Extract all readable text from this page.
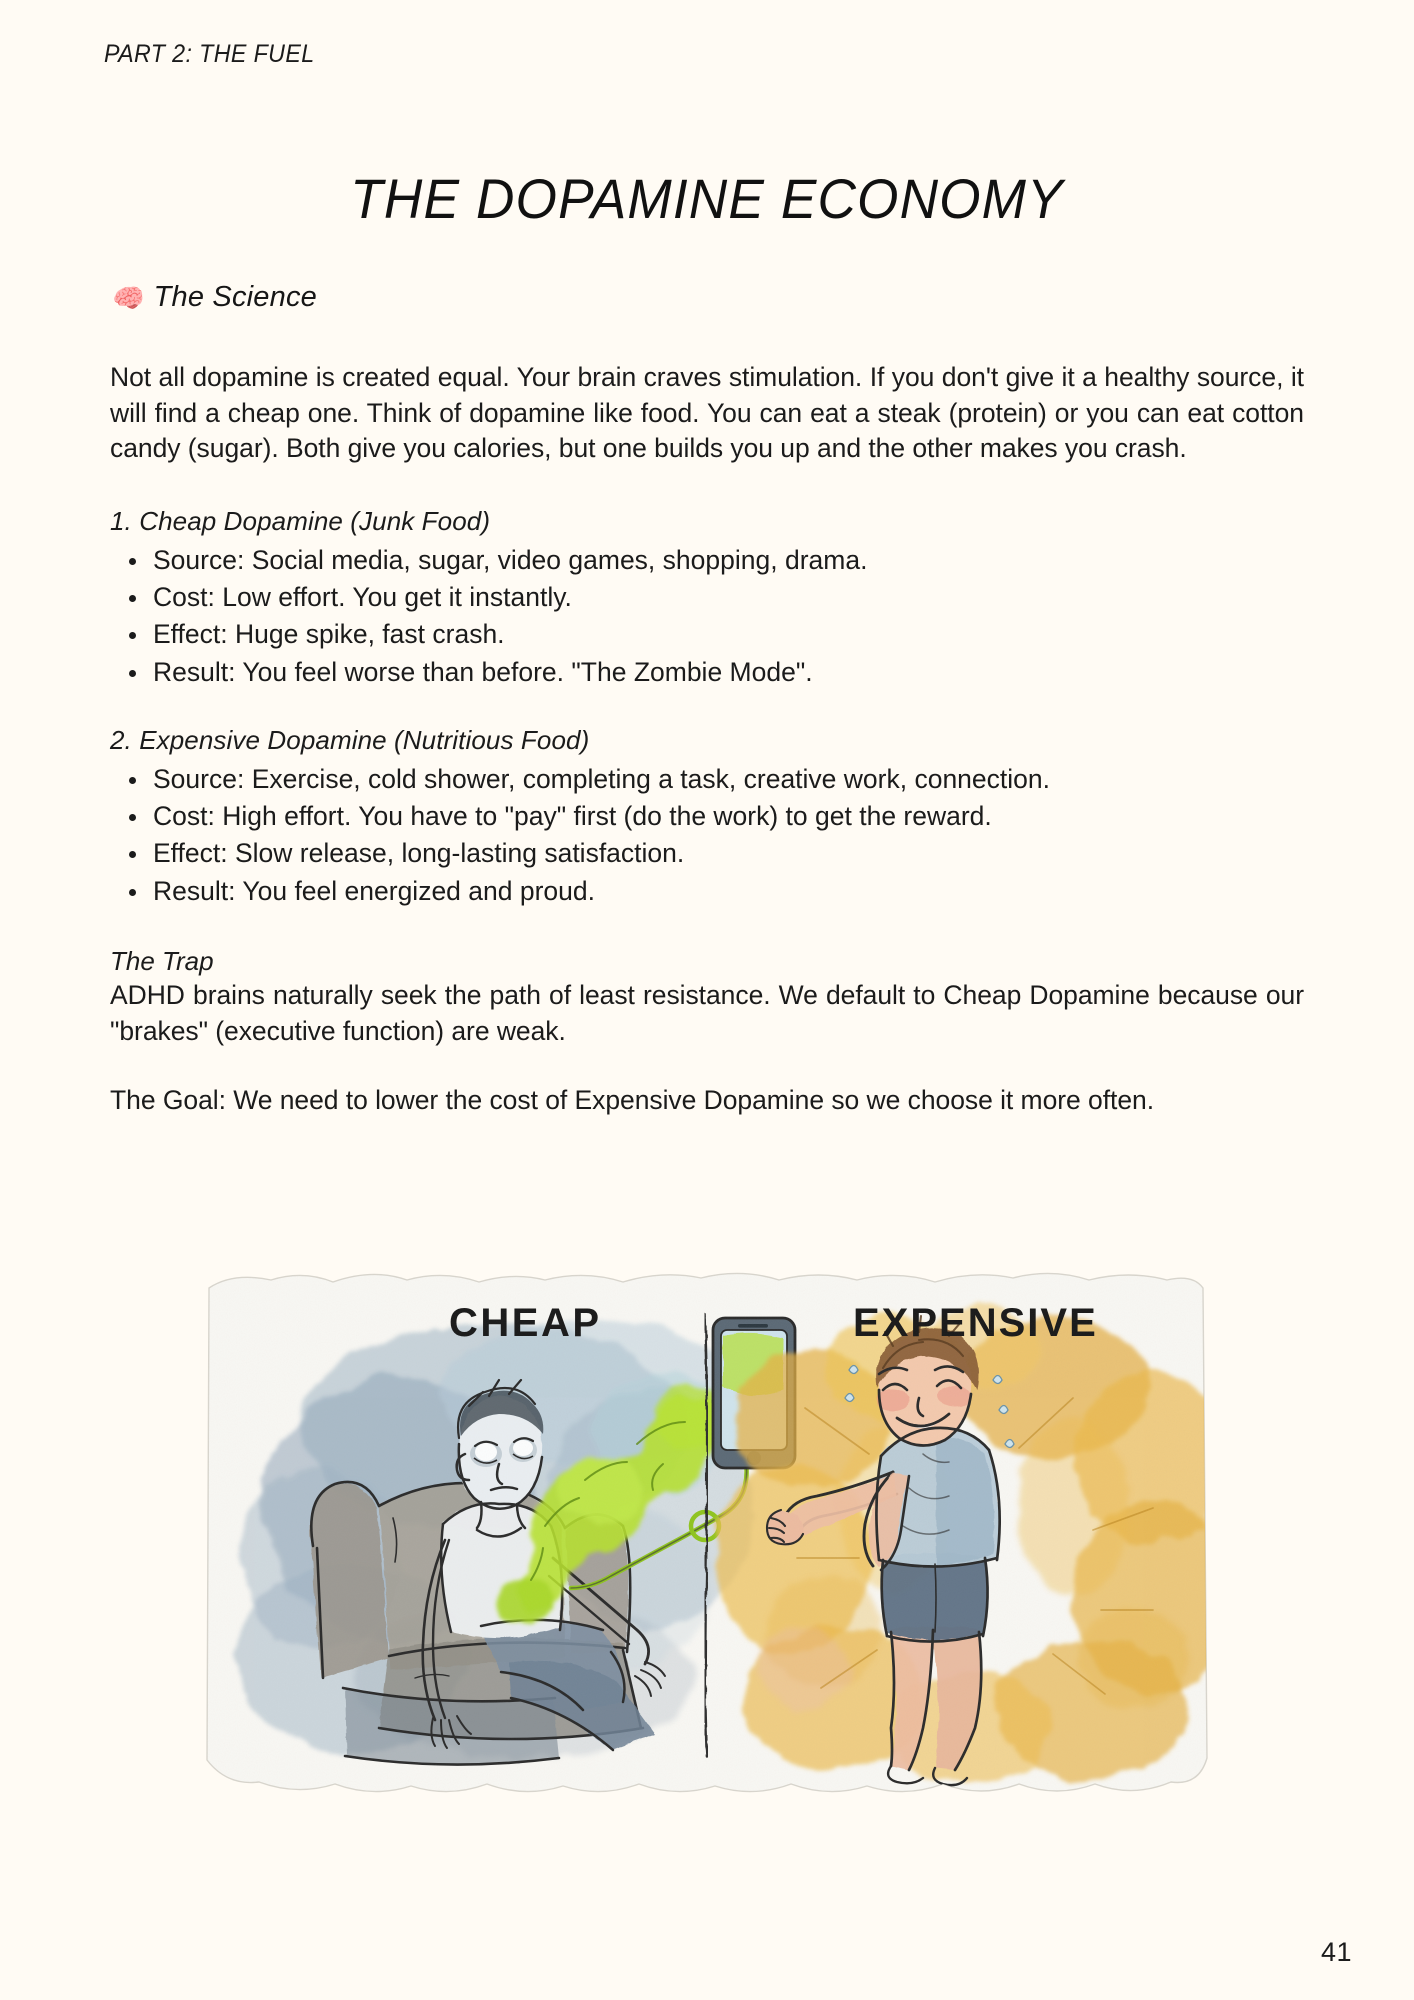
PART 2: THE FUEL
THE DOPAMINE ECONOMY
🧠 The Science

Not all dopamine is created equal. Your brain craves stimulation. If you don't give it a healthy source, it will find a cheap one. Think of dopamine like food. You can eat a steak (protein) or you can eat cotton candy (sugar). Both give you calories, but one builds you up and the other makes you crash.

1. Cheap Dopamine (Junk Food)
Source: Social media, sugar, video games, shopping, drama.
Cost: Low effort. You get it instantly.
Effect: Huge spike, fast crash.
Result: You feel worse than before. "The Zombie Mode".
2. Expensive Dopamine (Nutritious Food)
Source: Exercise, cold shower, completing a task, creative work, connection.
Cost: High effort. You have to "pay" first (do the work) to get the reward.
Effect: Slow release, long-lasting satisfaction.
Result: You feel energized and proud.
The Trap

ADHD brains naturally seek the path of least resistance. We default to Cheap Dopamine because our "brakes" (executive function) are weak.

The Goal: We need to lower the cost of Expensive Dopamine so we choose it more often.

41
